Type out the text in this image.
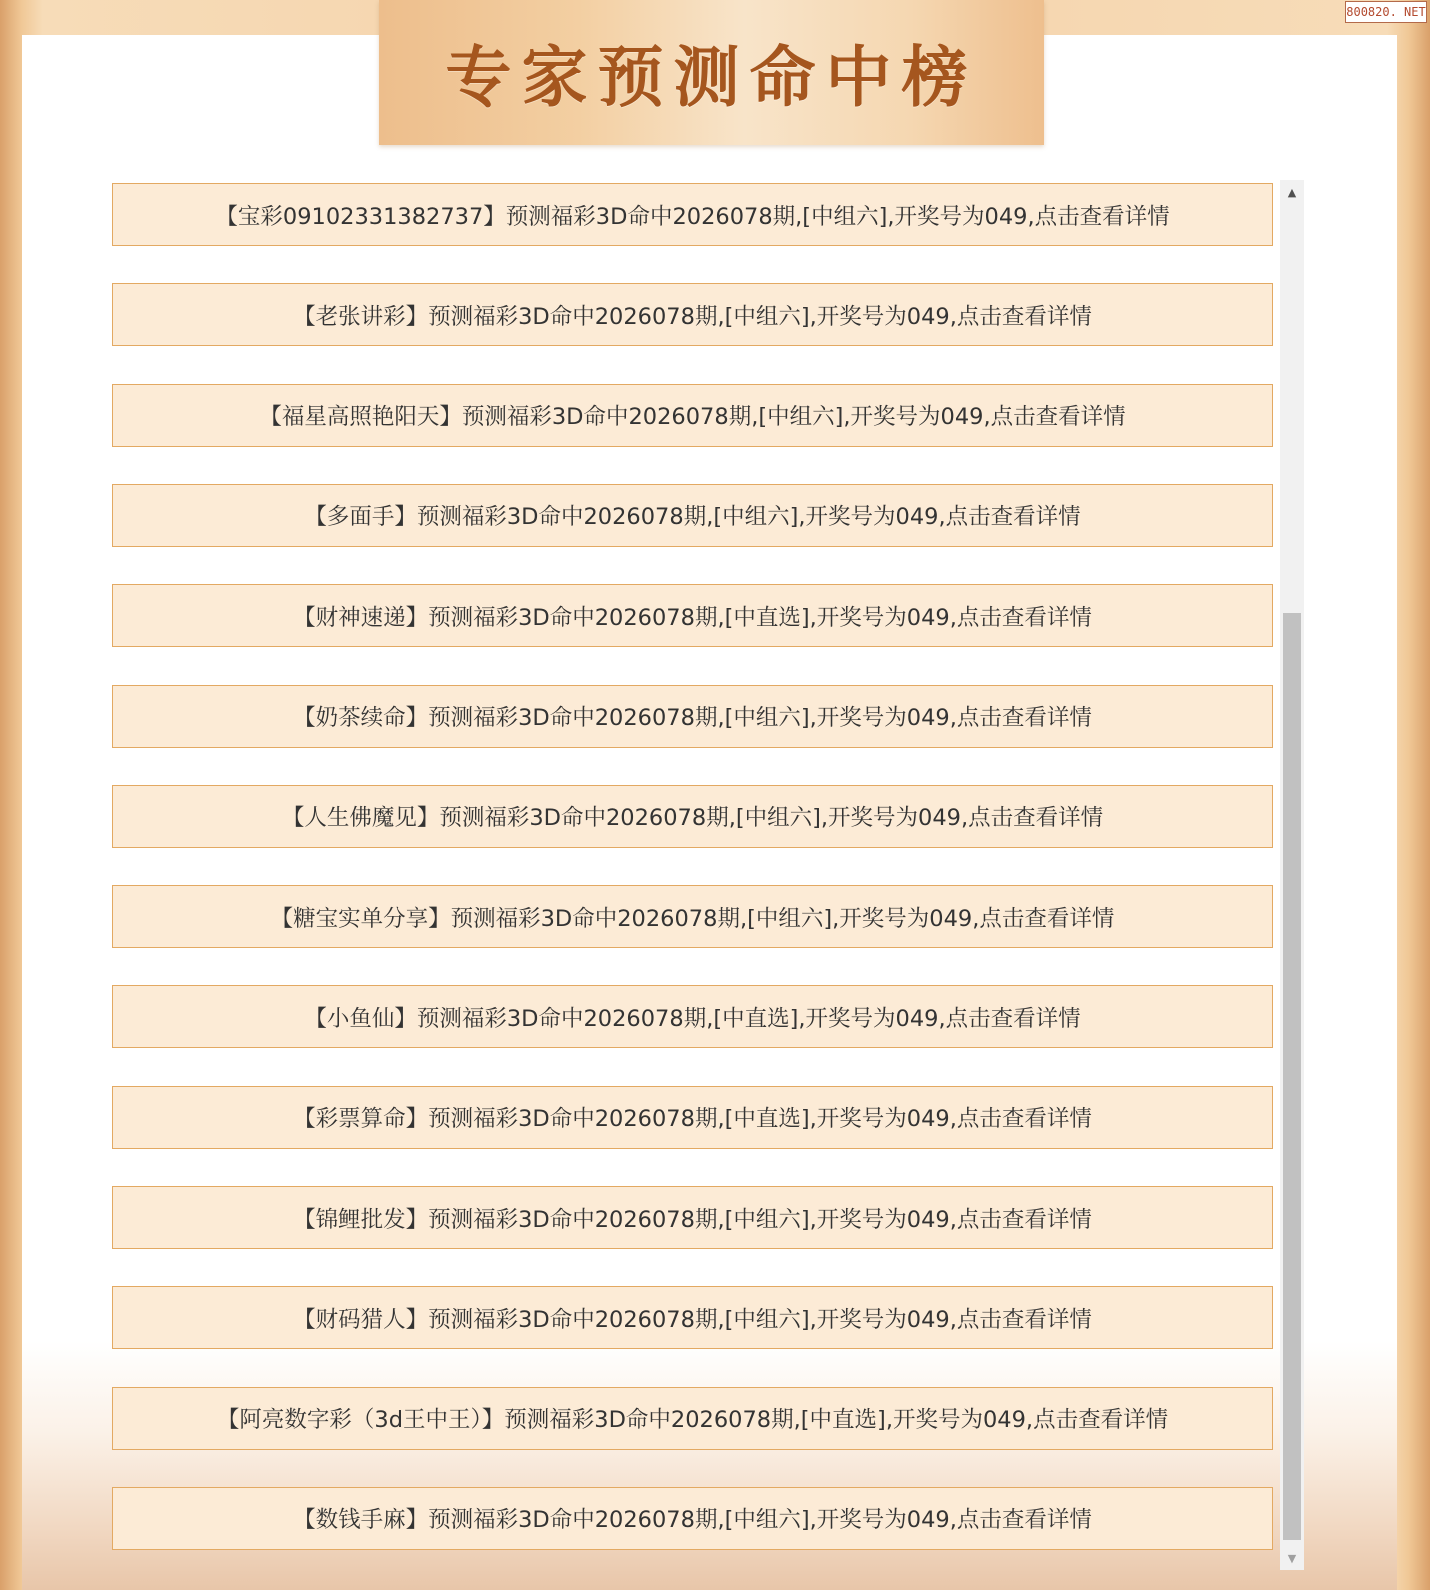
专家预测命中榜
800820. NET
【宝彩09102331382737】预测福彩3D命中2026078期,[中组六],开奖号为049,点击查看详情
【老张讲彩】预测福彩3D命中2026078期,[中组六],开奖号为049,点击查看详情
【福星高照艳阳天】预测福彩3D命中2026078期,[中组六],开奖号为049,点击查看详情
【多面手】预测福彩3D命中2026078期,[中组六],开奖号为049,点击查看详情
【财神速递】预测福彩3D命中2026078期,[中直选],开奖号为049,点击查看详情
【奶茶续命】预测福彩3D命中2026078期,[中组六],开奖号为049,点击查看详情
【人生佛魔见】预测福彩3D命中2026078期,[中组六],开奖号为049,点击查看详情
【糖宝实单分享】预测福彩3D命中2026078期,[中组六],开奖号为049,点击查看详情
【小鱼仙】预测福彩3D命中2026078期,[中直选],开奖号为049,点击查看详情
【彩票算命】预测福彩3D命中2026078期,[中直选],开奖号为049,点击查看详情
【锦鲤批发】预测福彩3D命中2026078期,[中组六],开奖号为049,点击查看详情
【财码猎人】预测福彩3D命中2026078期,[中组六],开奖号为049,点击查看详情
【阿亮数字彩（3d王中王）】预测福彩3D命中2026078期,[中直选],开奖号为049,点击查看详情
【数钱手麻】预测福彩3D命中2026078期,[中组六],开奖号为049,点击查看详情
▲
▼
